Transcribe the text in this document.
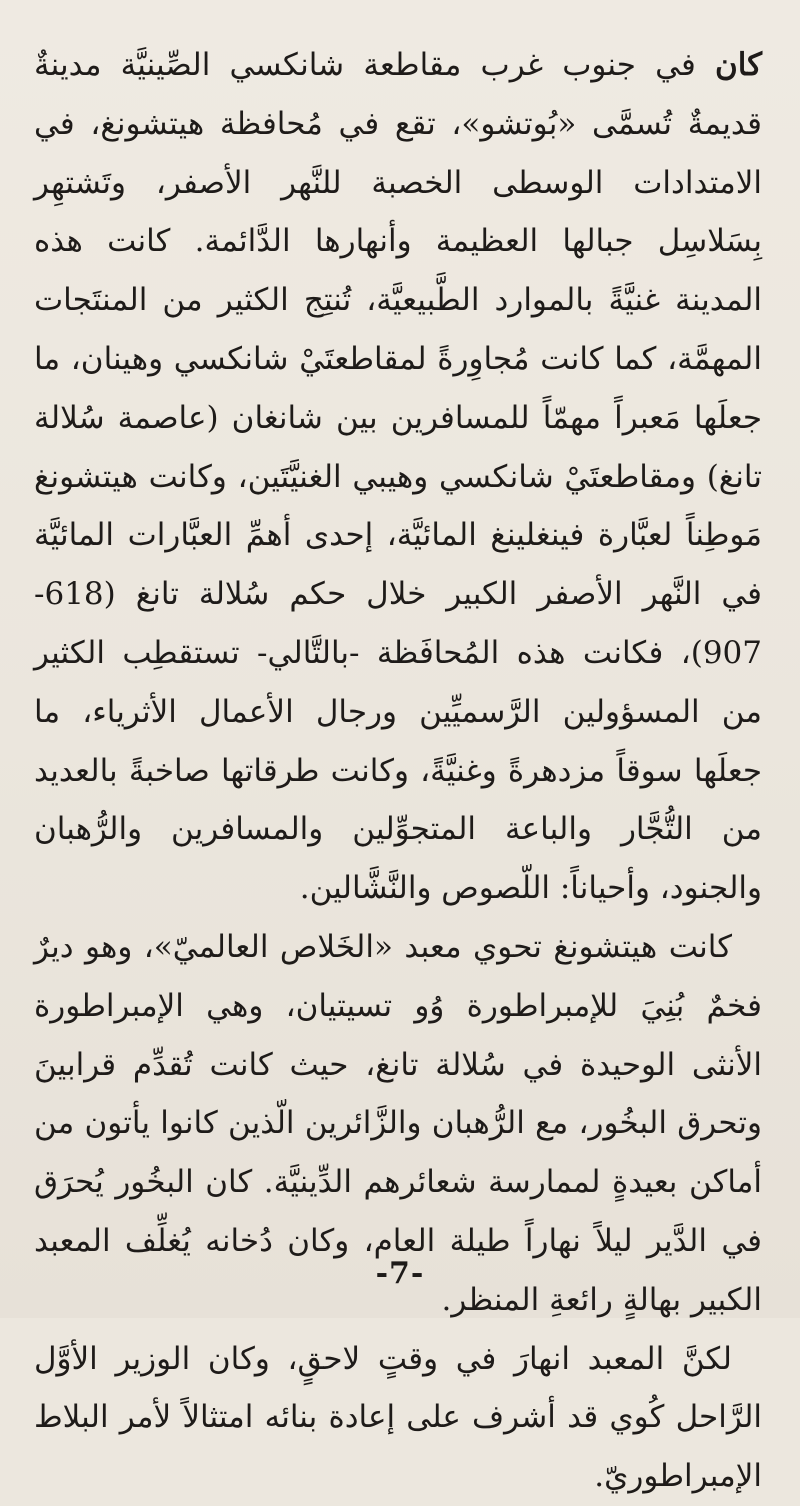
كان في جنوب غرب مقاطعة شانكسي الصِّينيَّة مدينةٌ قديمةٌ تُسمَّى «بُوتشو»، تقع في مُحافظة هيتشونغ، في الامتدادات الوسطى الخصبة للنَّهر الأصفر، وتَشتهِر بِسَلاسِل جبالها العظيمة وأنهارها الدَّائمة. كانت هذه المدينة غنيَّةً بالموارد الطَّبيعيَّة، تُنتِج الكثير من المنتَجات المهمَّة، كما كانت مُجاوِرةً لمقاطعتَيْ شانكسي وهينان، ما جعلَها مَعبراً مهمّاً للمسافرين بين شانغان (عاصمة سُلالة تانغ) ومقاطعتَيْ شانكسي وهيبي الغنيَّتَين، وكانت هيتشونغ مَوطِناً لعبَّارة فينغلينغ المائيَّة، إحدى أهمِّ العبَّارات المائيَّة في النَّهر الأصفر الكبير خلال حكم سُلالة تانغ (618-907)، فكانت هذه المُحافَظة -بالتَّالي- تستقطِب الكثير من المسؤولين الرَّسميِّين ورجال الأعمال الأثرياء، ما جعلَها سوقاً مزدهرةً وغنيَّةً، وكانت طرقاتها صاخبةً بالعديد من التُّجَّار والباعة المتجوِّلين والمسافرين والرُّهبان والجنود، وأحياناً: اللّصوص والنَّشَّالين.

كانت هيتشونغ تحوي معبد «الخَلاص العالميّ»، وهو ديرٌ فخمٌ بُنِيَ للإمبراطورة وُو تسيتيان، وهي الإمبراطورة الأنثى الوحيدة في سُلالة تانغ، حيث كانت تُقدِّم قرابينَ وتحرق البخُور، مع الرُّهبان والزَّائرين الّذين كانوا يأتون من أماكن بعيدةٍ لممارسة شعائرهم الدِّينيَّة. كان البخُور يُحرَق في الدَّير ليلاً نهاراً طيلة العام، وكان دُخانه يُغلِّف المعبد الكبير بهالةٍ رائعةِ المنظر.

لكنَّ المعبد انهارَ في وقتٍ لاحقٍ، وكان الوزير الأوَّل الرَّاحل كُوي قد أشرف على إعادة بنائه امتثالاً لأمر البلاط الإمبراطوريّ.

-7-
